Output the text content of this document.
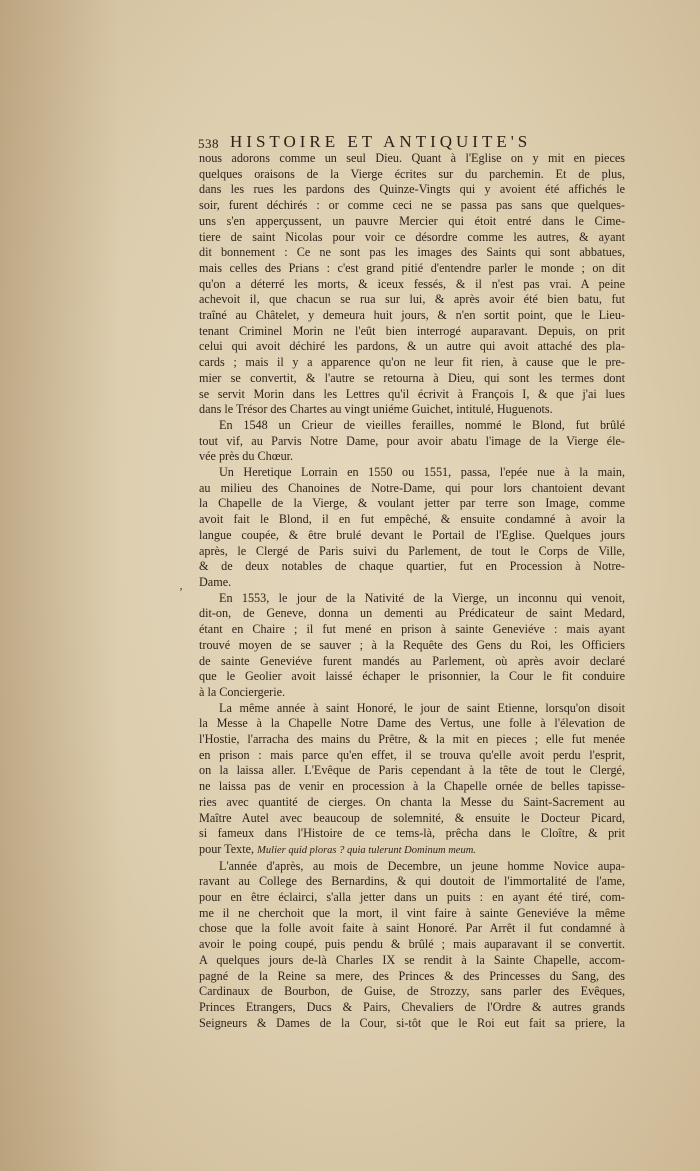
538 HISTOIRE ET ANTIQUITE'S
ʼ
nous adorons comme un seul Dieu. Quant à l'Eglise on y mit en pieces
quelques oraisons de la Vierge écrites sur du parchemin. Et de plus,
dans les rues les pardons des Quinze-Vingts qui y avoient été affichés le
soir, furent déchirés : or comme ceci ne se passa pas sans que quelques-
uns s'en apperçussent, un pauvre Mercier qui étoit entré dans le Cime-
tiere de saint Nicolas pour voir ce désordre comme les autres, & ayant
dit bonnement : Ce ne sont pas les images des Saints qui sont abbatues,
mais celles des Prians : c'est grand pitié d'entendre parler le monde ; on dit
qu'on a déterré les morts, & iceux fessés, & il n'est pas vrai. A peine
achevoit il, que chacun se rua sur lui, & après avoir été bien batu, fut
traîné au Châtelet, y demeura huit jours, & n'en sortit point, que le Lieu-
tenant Criminel Morin ne l'eût bien interrogé auparavant. Depuis, on prit
celui qui avoit déchiré les pardons, & un autre qui avoit attaché des pla-
cards ; mais il y a apparence qu'on ne leur fit rien, à cause que le pre-
mier se convertit, & l'autre se retourna à Dieu, qui sont les termes dont
se servit Morin dans les Lettres qu'il écrivit à François I, & que j'ai lues
dans le Trésor des Chartes au vingt uniéme Guichet, intitulé, Huguenots.
En 1548 un Crieur de vieilles ferailles, nommé le Blond, fut brûlé
tout vif, au Parvis Notre Dame, pour avoir abatu l'image de la Vierge éle-
vée près du Chœur.
Un Heretique Lorrain en 1550 ou 1551, passa, l'epée nue à la main,
au milieu des Chanoines de Notre-Dame, qui pour lors chantoient devant
la Chapelle de la Vierge, & voulant jetter par terre son Image, comme
avoit fait le Blond, il en fut empêché, & ensuite condamné à avoir la
langue coupée, & être brulé devant le Portail de l'Eglise. Quelques jours
après, le Clergé de Paris suivi du Parlement, de tout le Corps de Ville,
& de deux notables de chaque quartier, fut en Procession à Notre-
Dame.
En 1553, le jour de la Nativité de la Vierge, un inconnu qui venoit,
dit-on, de Geneve, donna un dementi au Prédicateur de saint Medard,
étant en Chaire ; il fut mené en prison à sainte Geneviéve : mais ayant
trouvé moyen de se sauver ; à la Requête des Gens du Roi, les Officiers
de sainte Geneviéve furent mandés au Parlement, où après avoir declaré
que le Geolier avoit laissé échaper le prisonnier, la Cour le fit conduire
à la Conciergerie.
La même année à saint Honoré, le jour de saint Etienne, lorsqu'on disoit
la Messe à la Chapelle Notre Dame des Vertus, une folle à l'élevation de
l'Hostie, l'arracha des mains du Prêtre, & la mit en pieces ; elle fut menée
en prison : mais parce qu'en effet, il se trouva qu'elle avoit perdu l'esprit,
on la laissa aller. L'Evêque de Paris cependant à la tête de tout le Clergé,
ne laissa pas de venir en procession à la Chapelle ornée de belles tapisse-
ries avec quantité de cierges. On chanta la Messe du Saint-Sacrement au
Maître Autel avec beaucoup de solemnité, & ensuite le Docteur Picard,
si fameux dans l'Histoire de ce tems-là, prêcha dans le Cloître, & prit
pour Texte, Mulier quid ploras ? quia tulerunt Dominum meum.
L'année d'après, au mois de Decembre, un jeune homme Novice aupa-
ravant au College des Bernardins, & qui doutoit de l'immortalité de l'ame,
pour en être éclairci, s'alla jetter dans un puits : en ayant été tiré, com-
me il ne cherchoit que la mort, il vint faire à sainte Geneviéve la même
chose que la folle avoit faite à saint Honoré. Par Arrêt il fut condamné à
avoir le poing coupé, puis pendu & brûlé ; mais auparavant il se convertit.
A quelques jours de-là Charles IX se rendit à la Sainte Chapelle, accom-
pagné de la Reine sa mere, des Princes & des Princesses du Sang, des
Cardinaux de Bourbon, de Guise, de Strozzy, sans parler des Evêques,
Princes Etrangers, Ducs & Pairs, Chevaliers de l'Ordre & autres grands
Seigneurs & Dames de la Cour, si-tôt que le Roi eut fait sa priere, la
